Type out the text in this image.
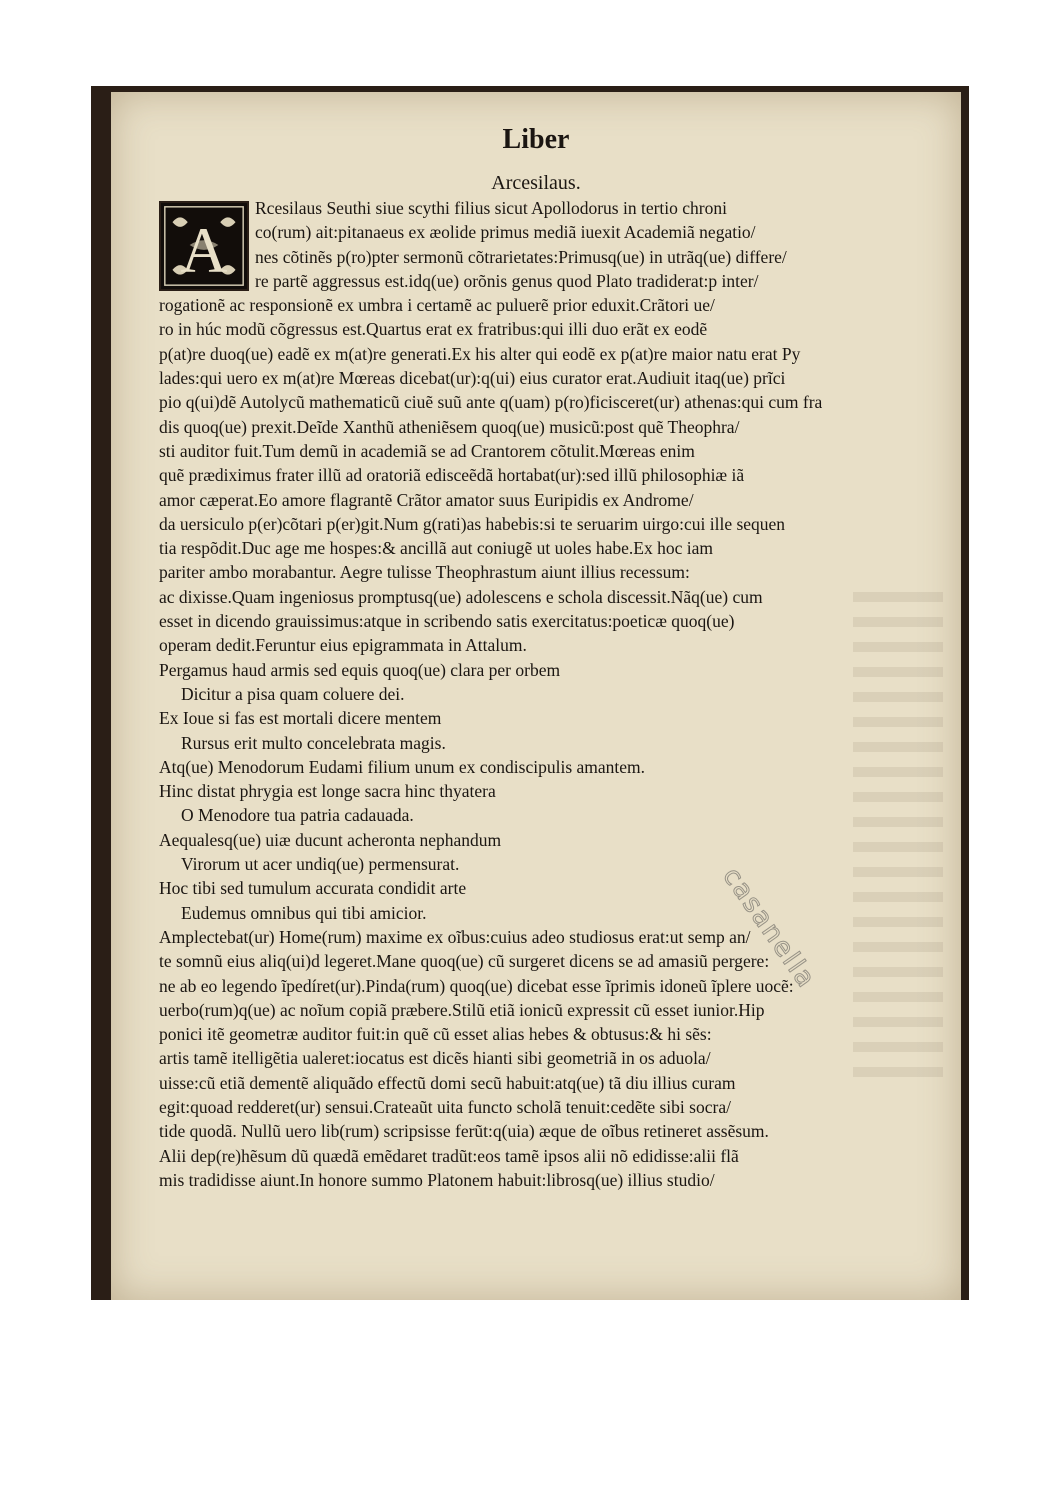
Liber
Arcesilaus.
A
Rcesilaus Seuthi siue scythi filius sicut Apollodorus in tertio chroni
co(rum) ait:pitanaeus ex æolide primus mediã iuexit Academiã negatio/
nes cõtinẽs p(ro)pter sermonũ cõtrarietates:Primusq(ue) in utrãq(ue) differe/
re partẽ aggressus est.idq(ue) orõnis genus quod Plato tradiderat:p inter/
rogationẽ ac responsionẽ ex umbra i certamẽ ac puluerẽ prior eduxit.Crãtori ue/
ro in húc modũ cõgressus est.Quartus erat ex fratribus:qui illi duo erãt ex eodẽ
p(at)re duoq(ue) eadẽ ex m(at)re generati.Ex his alter qui eodẽ ex p(at)re maior natu erat Py
lades:qui uero ex m(at)re Mœreas dicebat(ur):q(ui) eius curator erat.Audiuit itaq(ue) prĩci
pio q(ui)dẽ Autolycũ mathematicũ ciuẽ suũ ante q(uam) p(ro)ficisceret(ur) athenas:qui cum fra
dis quoq(ue) prexit.Deĩde Xanthũ atheniẽsem quoq(ue) musicũ:post quẽ Theophra/
sti auditor fuit.Tum demũ in academiã se ad Crantorem cõtulit.Mœreas enim
quẽ prædiximus frater illũ ad oratoriã edisceẽdã hortabat(ur):sed illũ philosophiæ iã
amor cæperat.Eo amore flagrantẽ Crãtor amator suus Euripidis ex Androme/
da uersiculo p(er)cõtari p(er)git.Num g(rati)as habebis:si te seruarim uirgo:cui ille sequen
tia respõdit.Duc age me hospes:& ancillã aut coniugẽ ut uoles habe.Ex hoc iam
pariter ambo morabantur. Aegre tulisse Theophrastum aiunt illius recessum:
ac dixisse.Quam ingeniosus promptusq(ue) adolescens e schola discessit.Nãq(ue) cum
esset in dicendo grauissimus:atque in scribendo satis exercitatus:poeticæ quoq(ue)
operam dedit.Feruntur eius epigrammata in Attalum.
Pergamus haud armis sed equis quoq(ue) clara per orbem
Dicitur a pisa quam coluere dei.
Ex Ioue si fas est mortali dicere mentem
Rursus erit multo concelebrata magis.
Atq(ue) Menodorum Eudami filium unum ex condiscipulis amantem.
Hinc distat phrygia est longe sacra hinc thyatera
O Menodore tua patria cadauada.
Aequalesq(ue) uiæ ducunt acheronta nephandum
Virorum ut acer undiq(ue) permensurat.
Hoc tibi sed tumulum accurata condidit arte
Eudemus omnibus qui tibi amicior.
Amplectebat(ur) Home(rum) maxime ex oĩbus:cuius adeo studiosus erat:ut semp an/
te somnũ eius aliq(ui)d legeret.Mane quoq(ue) cũ surgeret dicens se ad amasiũ pergere:
ne ab eo legendo ĩpedíret(ur).Pinda(rum) quoq(ue) dicebat esse ĩprimis idoneũ ĩplere uocẽ:
uerbo(rum)q(ue) ac noĩum copiã præbere.Stilũ etiã ionicũ expressit cũ esset iunior.Hip
ponici itẽ geometræ auditor fuit:in quẽ cũ esset alias hebes & obtusus:& hi sẽs:
artis tamẽ itelligẽtia ualeret:iocatus est dicẽs hianti sibi geometriã in os aduola/
uisse:cũ etiã dementẽ aliquãdo effectũ domi secũ habuit:atq(ue) tã diu illius curam
egit:quoad redderet(ur) sensui.Crateaũt uita functo scholã tenuit:cedẽte sibi socra/
tide quodã. Nullũ uero lib(rum) scripsisse ferũt:q(uia) æque de oĩbus retineret assẽsum.
Alii dep(re)hẽsum dũ quædã emẽdaret tradũt:eos tamẽ ipsos alii nõ edidisse:alii flã
mis tradidisse aiunt.In honore summo Platonem habuit:librosq(ue) illius studio/
casanella
